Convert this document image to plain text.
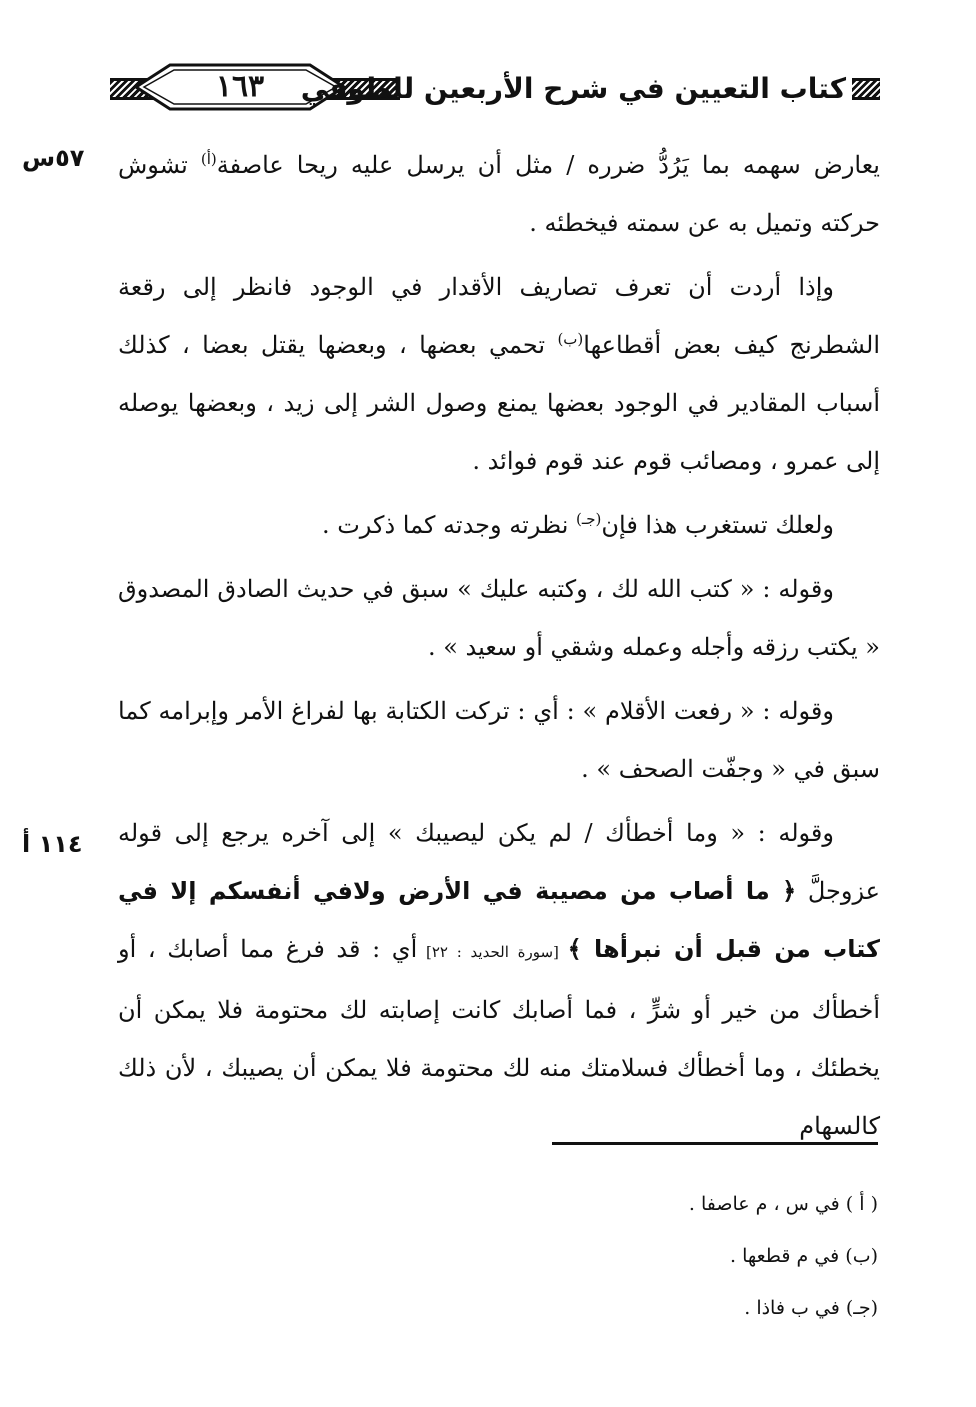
١٦٣	كتاب التعيين في شرح الأربعين للطوفي
٥٧س
١١٤ أ

يعارض سهمه بما يَرُدُّ ضرره / مثل أن يرسل عليه ريحا عاصفة$^{(أ)}$ تشوش حركته وتميل به عن سمته فيخطئه .

وإذا أردت أن تعرف تصاريف الأقدار في الوجود فانظر إلى رقعة الشطرنج كيف بعض أقطاعها$^{(ب)}$ تحمي بعضها ، وبعضها يقتل بعضا ، كذلك أسباب المقادير في الوجود بعضها يمنع وصول الشر إلى زيد ، وبعضها يوصله إلى عمرو ، ومصائب قوم عند قوم فوائد .

ولعلك تستغرب هذا فإن$^{(جـ)}$ نظرته وجدته كما ذكرت .

وقوله : « كتب الله لك ، وكتبه عليك » سبق في حديث الصادق المصدوق « يكتب رزقه وأجله وعمله وشقي أو سعيد » .

وقوله : « رفعت الأقلام » : أي : تركت الكتابة بها لفراغ الأمر وإبرامه كما سبق في « وجفّت الصحف » .

وقوله : « وما أخطأك / لم يكن ليصيبك » إلى آخره يرجع إلى قوله عزوجلَّ ﴿ ما أصاب من مصيبة في الأرض ولافي أنفسكم إلا في كتاب من قبل أن نبرأها ﴾ [سورة الحديد : ٢٢] أي : قد فرغ مما أصابك ، أو أخطأك من خير أو شرٍّ ، فما أصابك كانت إصابته لك محتومة فلا يمكن أن يخطئك ، وما أخطأك فسلامتك منه لك محتومة فلا يمكن أن يصيبك ، لأن ذلك كالسهام

( أ ) في س ، م عاصفا .
(ب) في م قطعها .
(جـ) في ب فاذا .
